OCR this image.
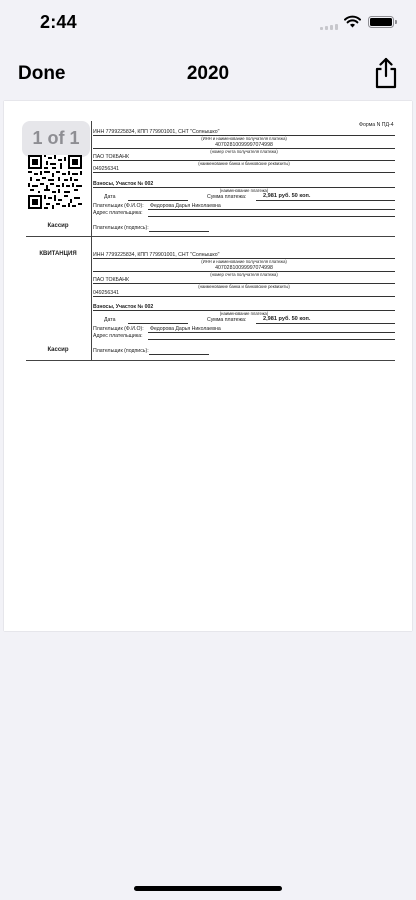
2:44
Done	2020
1 of 1
Форма N ПД-4
ИНН 7799225834, КПП 779901001, СНТ "Солнышко"
(ИНН и наименование получателя платежа)
40702810099997074998
(номер счета получателя платежа)
ПАО ТОКБАНК
(наименование банка и банковские реквизиты)
049256341
Взносы, Участок № 002
(наименование платежа)
Дата	Сумма платежа:	2,981 руб. 50 коп.
Плательщик (Ф.И.О): Федорова Дарья Николаевна
Адрес плательщика:
Кассир	Плательщик (подпись):
КВИТАНЦИЯ	ИНН 7799225834, КПП 779901001, СНТ "Солнышко"
(ИНН и наименование получателя платежа)
40702810099997074998
(номер счета получателя платежа)
ПАО ТОКБАНК
(наименование банка и банковские реквизиты)
049256341
Взносы, Участок № 002
(наименование платежа)
Дата	Сумма платежа:	2,981 руб. 50 коп.
Плательщик (Ф.И.О): Федорова Дарья Николаевна
Адрес плательщика:
Кассир	Плательщик (подпись):
